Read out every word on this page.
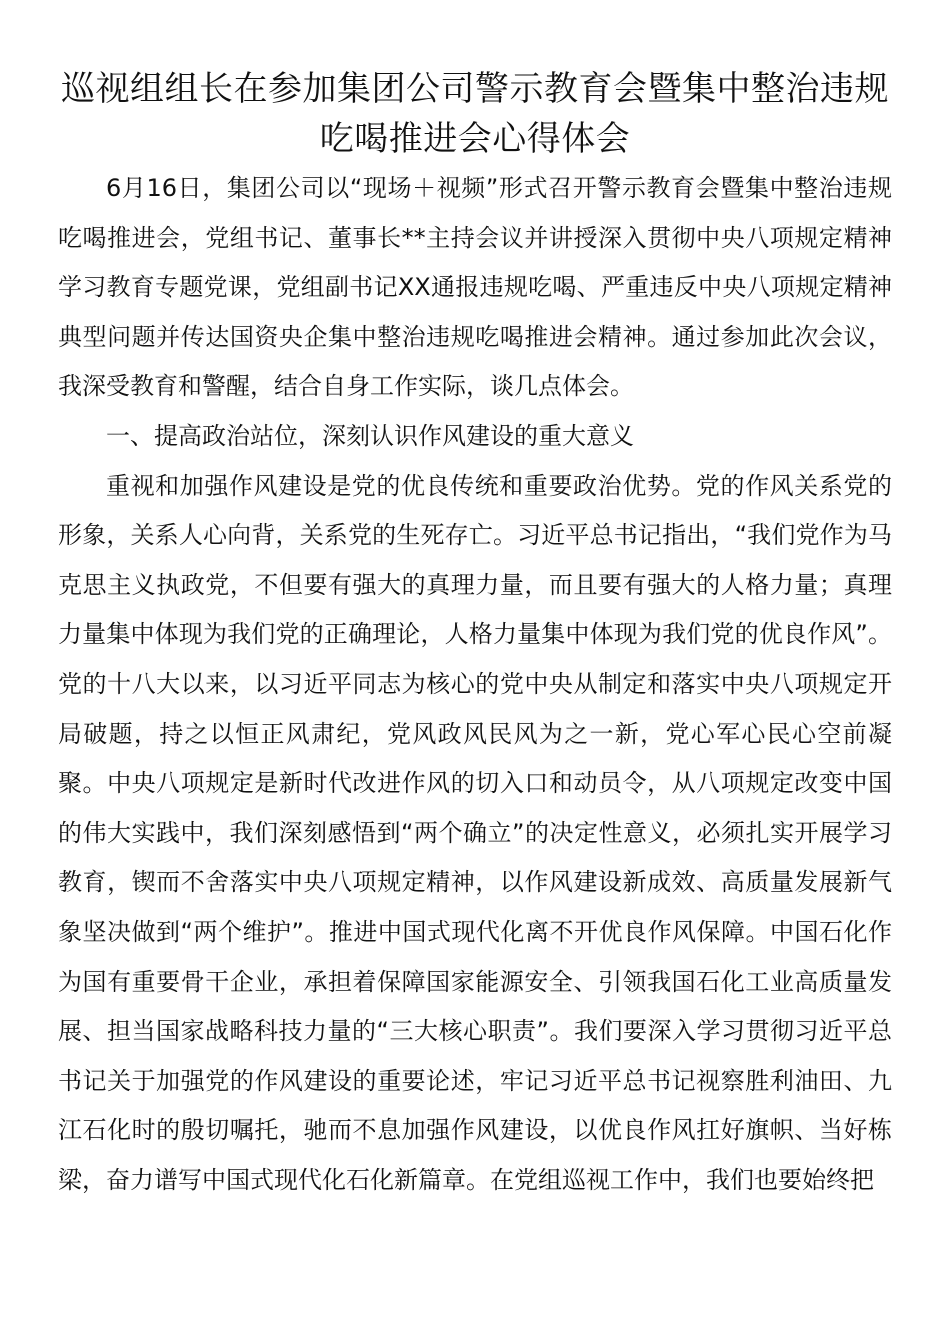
巡视组组长在参加集团公司警示教育会暨集中整治违规吃喝推进会心得体会

6月16日，集团公司以“现场＋视频”形式召开警示教育会暨集中整治违规吃喝推进会，党组书记、董事长**主持会议并讲授深入贯彻中央八项规定精神学习教育专题党课，党组副书记XX通报违规吃喝、严重违反中央八项规定精神典型问题并传达国资央企集中整治违规吃喝推进会精神。通过参加此次会议，我深受教育和警醒，结合自身工作实际，谈几点体会。

一、提高政治站位，深刻认识作风建设的重大意义

重视和加强作风建设是党的优良传统和重要政治优势。党的作风关系党的形象，关系人心向背，关系党的生死存亡。习近平总书记指出，“我们党作为马克思主义执政党，不但要有强大的真理力量，而且要有强大的人格力量；真理力量集中体现为我们党的正确理论，人格力量集中体现为我们党的优良作风”。党的十八大以来，以习近平同志为核心的党中央从制定和落实中央八项规定开局破题，持之以恒正风肃纪，党风政风民风为之一新，党心军心民心空前凝聚。中央八项规定是新时代改进作风的切入口和动员令，从八项规定改变中国的伟大实践中，我们深刻感悟到“两个确立”的决定性意义，必须扎实开展学习教育，锲而不舍落实中央八项规定精神，以作风建设新成效、高质量发展新气象坚决做到“两个维护”。推进中国式现代化离不开优良作风保障。中国石化作为国有重要骨干企业，承担着保障国家能源安全、引领我国石化工业高质量发展、担当国家战略科技力量的“三大核心职责”。我们要深入学习贯彻习近平总书记关于加强党的作风建设的重要论述，牢记习近平总书记视察胜利油田、九江石化时的殷切嘱托，驰而不息加强作风建设，以优良作风扛好旗帜、当好栋梁，奋力谱写中国式现代化石化新篇章。在党组巡视工作中，我们也要始终把
